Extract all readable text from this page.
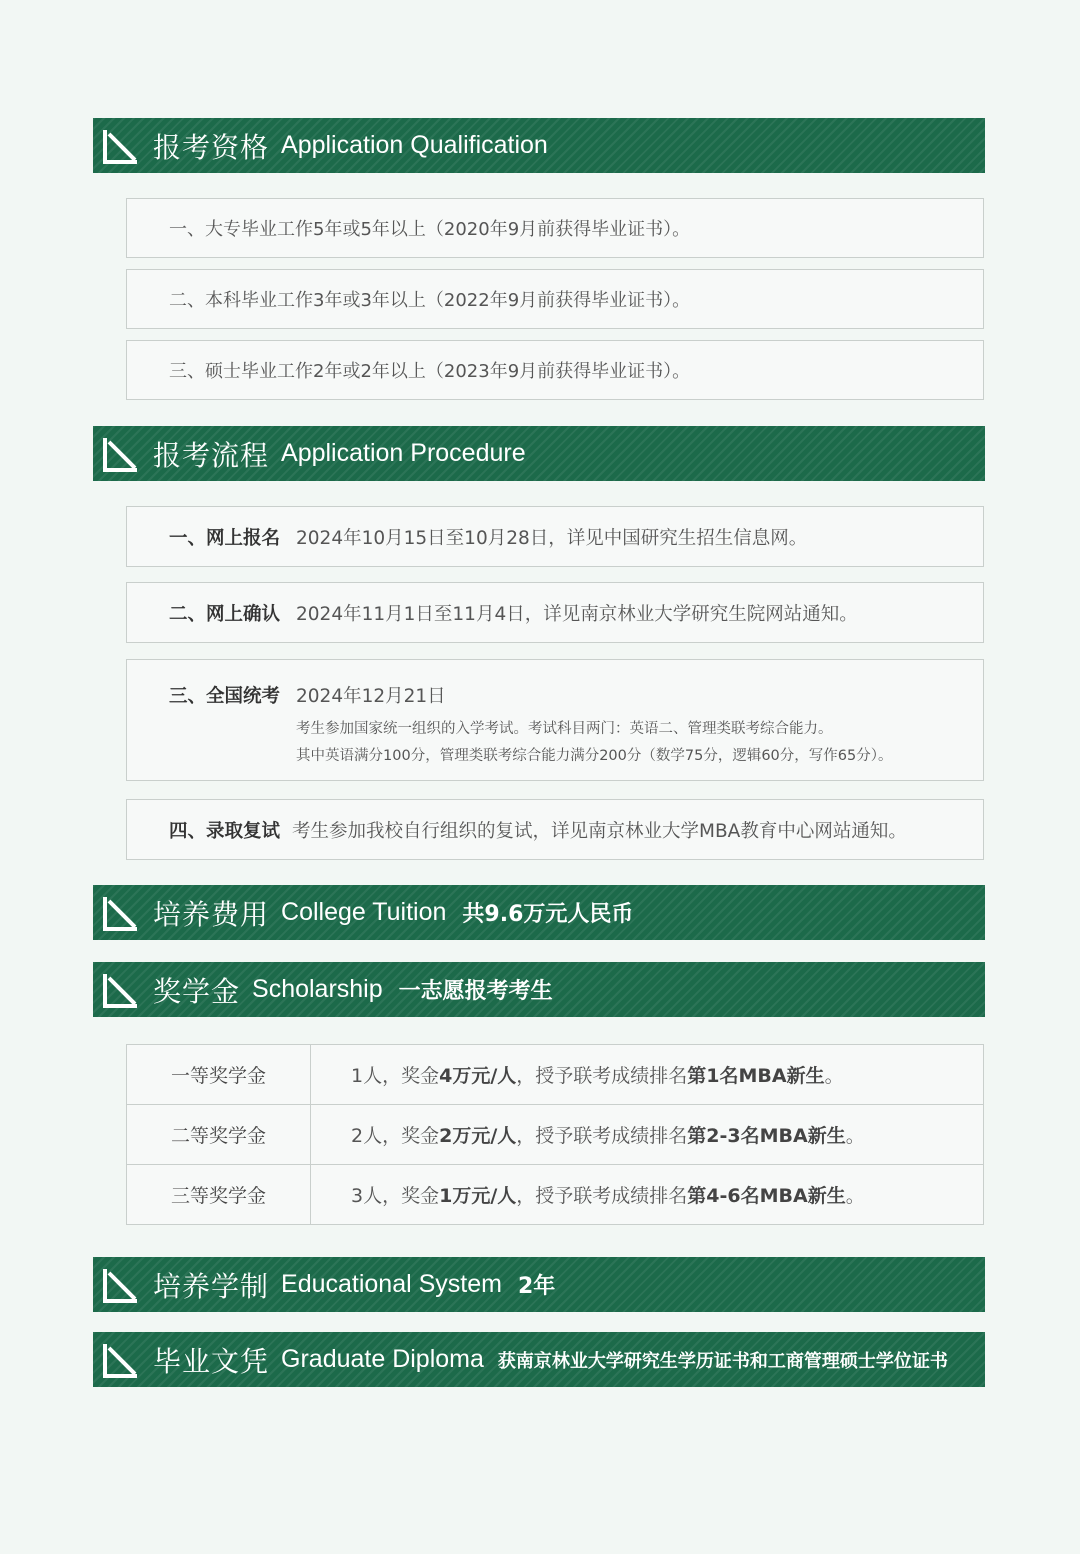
报考资格 Application Qualification
一、大专毕业工作5年或5年以上（2020年9月前获得毕业证书）。
二、本科毕业工作3年或3年以上（2022年9月前获得毕业证书）。
三、硕士毕业工作2年或2年以上（2023年9月前获得毕业证书）。
报考流程 Application Procedure
一、网上报名 2024年10月15日至10月28日，详见中国研究生招生信息网。
二、网上确认 2024年11月1日至11月4日，详见南京林业大学研究生院网站通知。
三、全国统考 2024年12月21日
考生参加国家统一组织的入学考试。考试科目两门：英语二、管理类联考综合能力。
其中英语满分100分，管理类联考综合能力满分200分（数学75分，逻辑60分，写作65分）。
四、录取复试 考生参加我校自行组织的复试，详见南京林业大学MBA教育中心网站通知。
培养费用 College Tuition 共9.6万元人民币
奖学金 Scholarship 一志愿报考考生
一等奖学金	1人，奖金4万元/人，授予联考成绩排名第1名MBA新生。
二等奖学金	2人，奖金2万元/人，授予联考成绩排名第2-3名MBA新生。
三等奖学金	3人，奖金1万元/人，授予联考成绩排名第4-6名MBA新生。
培养学制 Educational System 2年
毕业文凭 Graduate Diploma 获南京林业大学研究生学历证书和工商管理硕士学位证书
